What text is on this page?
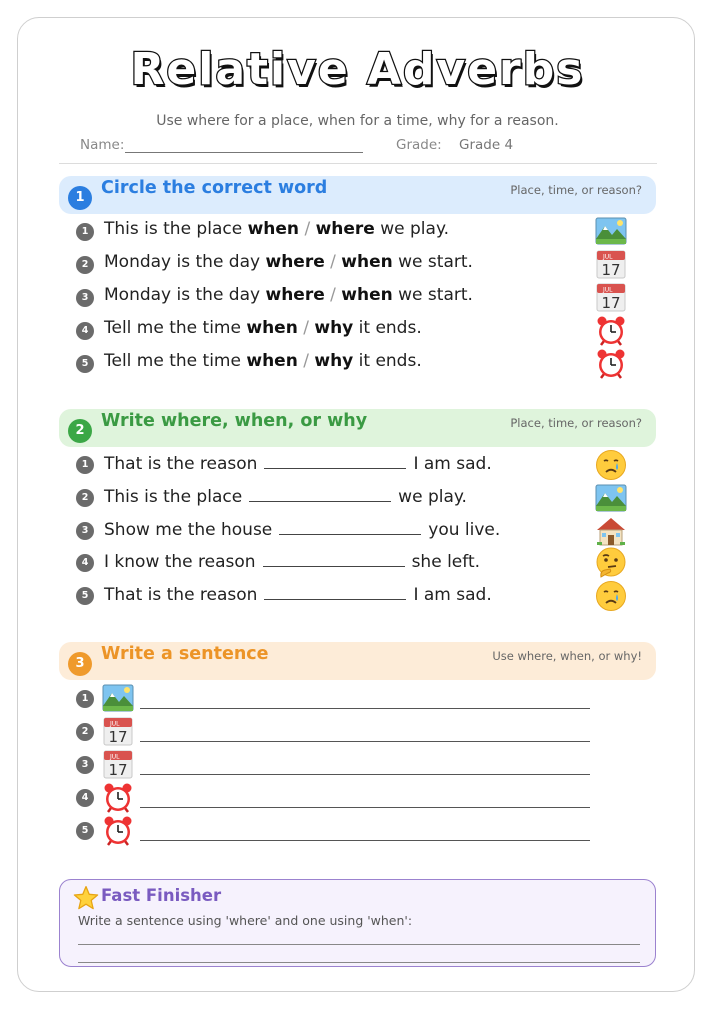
Relative Adverbs
Use where for a place, when for a time, why for a reason.
Name:	Grade: Grade 4
1 Circle the correct word	Place, time, or reason?
1 This is the place when / where we play.
2 Monday is the day where / when we start.	JUL
17
3 Monday is the day where / when we start.	JUL
17
4 Tell me the time when / why it ends.
5 Tell me the time when / why it ends.
2 Write where, when, or why	Place, time, or reason?
1 That is the reason	I am sad.
2 This is the place	we play.
3 Show me the house	you live.
4 I know the reason	she left.
5 That is the reason	I am sad.
3 Write a sentence	Use where, when, or why!
1
2
JUL
17
3
JUL
17
4
5
Fast Finisher
Write a sentence using 'where' and one using 'when':
